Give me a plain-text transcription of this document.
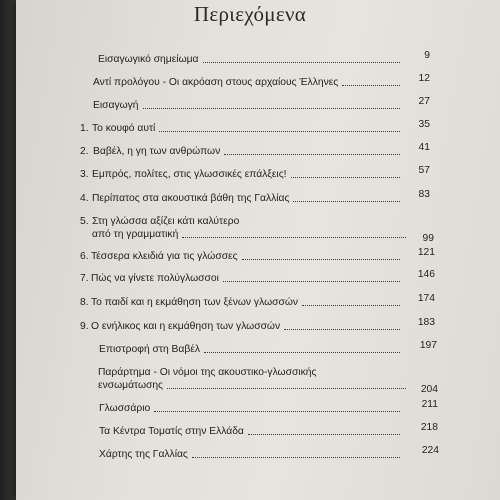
Περιεχόμενα
Εισαγωγικό σημείωμα	9
Αντί προλόγου - Οι ακρόαση στους αρχαίους Έλληνες	12
Εισαγωγή	27
1. Το κουφό αυτί	35
2. Βαβέλ, η γη των ανθρώπων	41
3. Εμπρός, πολίτες, στις γλωσσικές επάλξεις!	57
4. Περίπατος στα ακουστικά βάθη της Γαλλίας	83
5. Στη γλώσσα αξίζει κάτι καλύτερο
από τη γραμματική	99
6. Τέσσερα κλειδιά για τις γλώσσες	121
7. Πώς να γίνετε πολύγλωσσοι	146
8. Το παιδί και η εκμάθηση των ξένων γλωσσών	174
9. Ο ενήλικος και η εκμάθηση των γλωσσών	183
Επιστροφή στη Βαβέλ	197
Παράρτημα - Οι νόμοι της ακουστικο-γλωσσικής
ενσωμάτωσης	204
Γλωσσάριο	211
Τα Κέντρα Τοματίς στην Ελλάδα	218
Χάρτης της Γαλλίας	224
